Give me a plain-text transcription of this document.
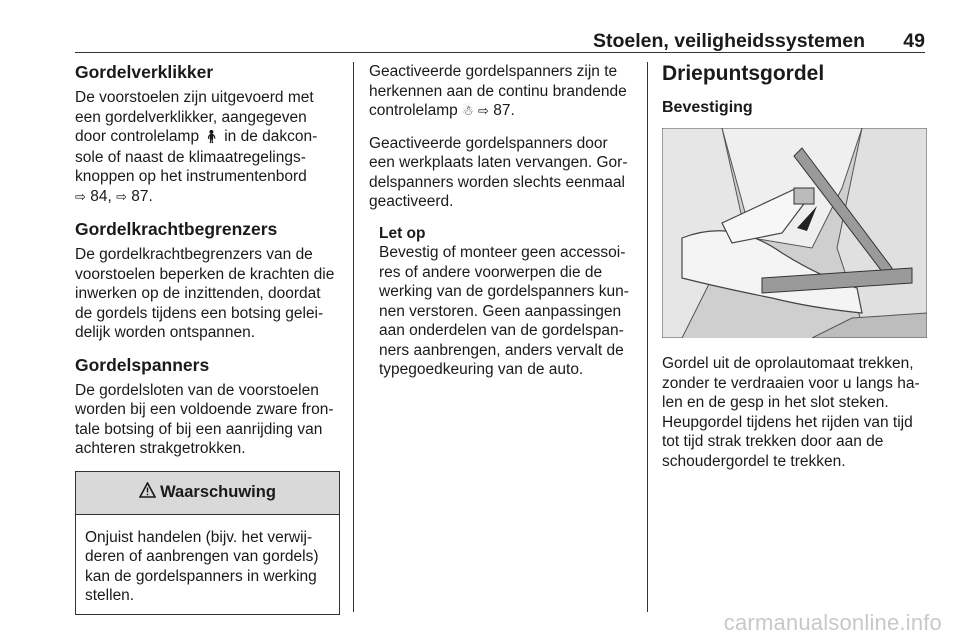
Stoelen, veiligheidssystemen 49
Gordelverklikker

De voorstoelen zijn uitgevoerd met een gordelverklikker, aangegeven door controlelamp 🧍︎ in de dakconsole of naast de klimaatregelingsknoppen op het instrumentenbord
⇨ 84, ⇨ 87.

Gordelkrachtbegrenzers

De gordelkrachtbegrenzers van de voorstoelen beperken de krachten die inwerken op de inzittenden, doordat de gordels tijdens een botsing geleidelijk worden ontspannen.

Gordelspanners

De gordelsloten van de voorstoelen worden bij een voldoende zware frontale botsing of bij een aanrijding van achteren strakgetrokken.

Waarschuwing
Onjuist handelen (bijv. het verwijderen of aanbrengen van gordels) kan de gordelspanners in werking stellen.

Geactiveerde gordelspanners zijn te herkennen aan de continu brandende controlelamp ☃︎ ⇨ 87.

Geactiveerde gordelspanners door een werkplaats laten vervangen. Gordelspanners worden slechts eenmaal geactiveerd.

Let op
Bevestig of monteer geen accessoires of andere voorwerpen die de werking van de gordelspanners kunnen verstoren. Geen aanpassingen aan onderdelen van de gordelspanners aanbrengen, anders vervalt de typegoedkeuring van de auto.
Driepuntsgordel
Bevestiging

Gordel uit de oprolautomaat trekken, zonder te verdraaien voor u langs halen en de gesp in het slot steken. Heupgordel tijdens het rijden van tijd tot tijd strak trekken door aan de schoudergordel te trekken.

carmanualsonline.info
